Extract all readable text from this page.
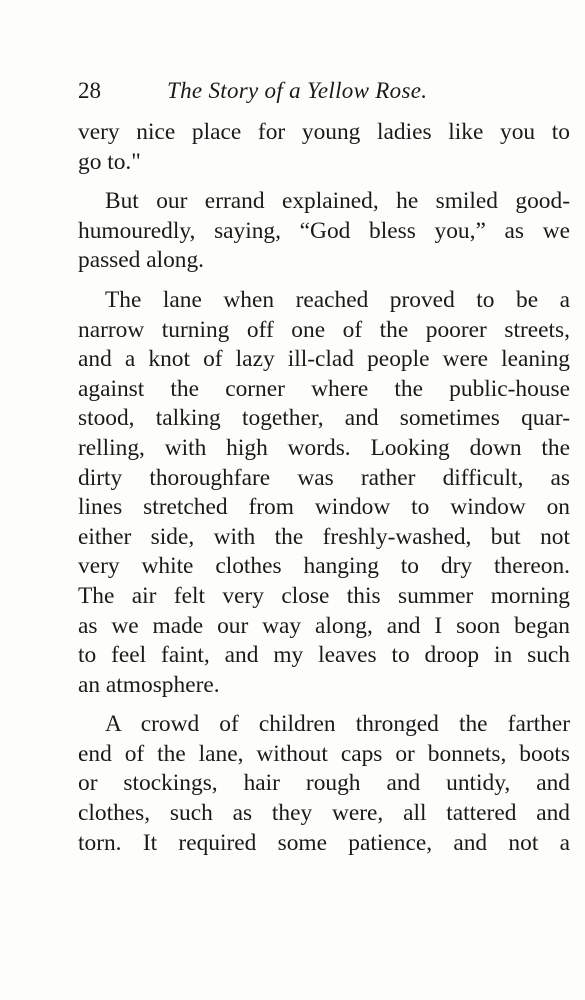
28	The Story of a Yellow Rose.
very nice place for young ladies like you to
go to."
But our errand explained, he smiled good-
humouredly, saying, “God bless you,” as we
passed along.
The lane when reached proved to be a
narrow turning off one of the poorer streets,
and a knot of lazy ill-clad people were leaning
against the corner where the public-house
stood, talking together, and sometimes quar-
relling, with high words. Looking down the
dirty thoroughfare was rather difficult, as
lines stretched from window to window on
either side, with the freshly-washed, but not
very white clothes hanging to dry thereon.
The air felt very close this summer morning
as we made our way along, and I soon began
to feel faint, and my leaves to droop in such
an atmosphere.
A crowd of children thronged the farther
end of the lane, without caps or bonnets, boots
or stockings, hair rough and untidy, and
clothes, such as they were, all tattered and
torn. It required some patience, and not a
